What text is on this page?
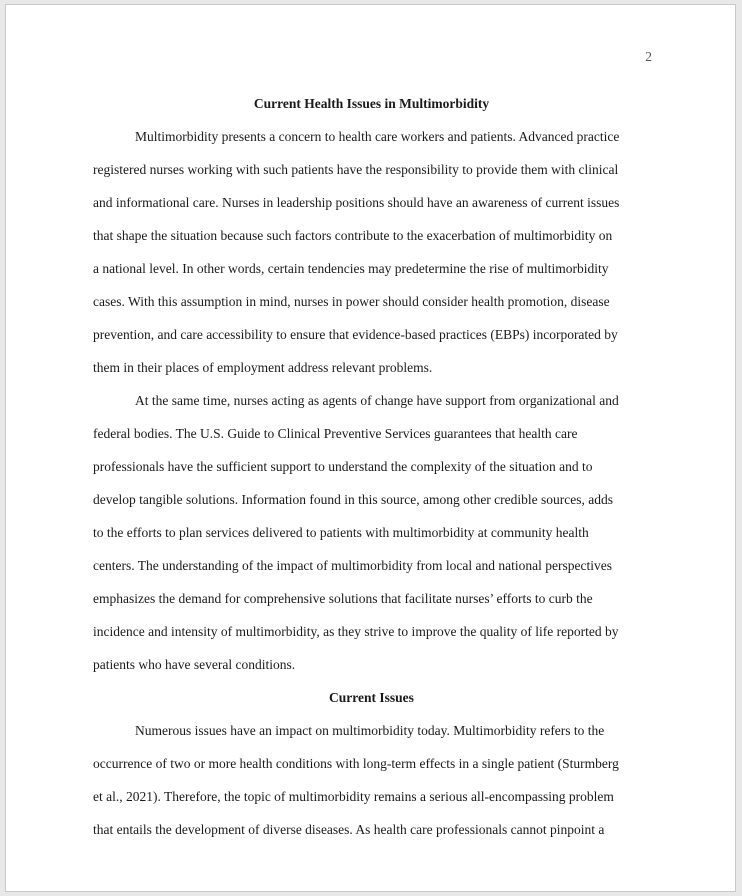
2

Current Health Issues in Multimorbidity

Multimorbidity presents a concern to health care workers and patients. Advanced practice
registered nurses working with such patients have the responsibility to provide them with clinical
and informational care. Nurses in leadership positions should have an awareness of current issues
that shape the situation because such factors contribute to the exacerbation of multimorbidity on
a national level. In other words, certain tendencies may predetermine the rise of multimorbidity
cases. With this assumption in mind, nurses in power should consider health promotion, disease
prevention, and care accessibility to ensure that evidence-based practices (EBPs) incorporated by
them in their places of employment address relevant problems.

At the same time, nurses acting as agents of change have support from organizational and
federal bodies. The U.S. Guide to Clinical Preventive Services guarantees that health care
professionals have the sufficient support to understand the complexity of the situation and to
develop tangible solutions. Information found in this source, among other credible sources, adds
to the efforts to plan services delivered to patients with multimorbidity at community health
centers. The understanding of the impact of multimorbidity from local and national perspectives
emphasizes the demand for comprehensive solutions that facilitate nurses’ efforts to curb the
incidence and intensity of multimorbidity, as they strive to improve the quality of life reported by
patients who have several conditions.

Current Issues

Numerous issues have an impact on multimorbidity today. Multimorbidity refers to the
occurrence of two or more health conditions with long-term effects in a single patient (Sturmberg
et al., 2021). Therefore, the topic of multimorbidity remains a serious all-encompassing problem
that entails the development of diverse diseases. As health care professionals cannot pinpoint a
